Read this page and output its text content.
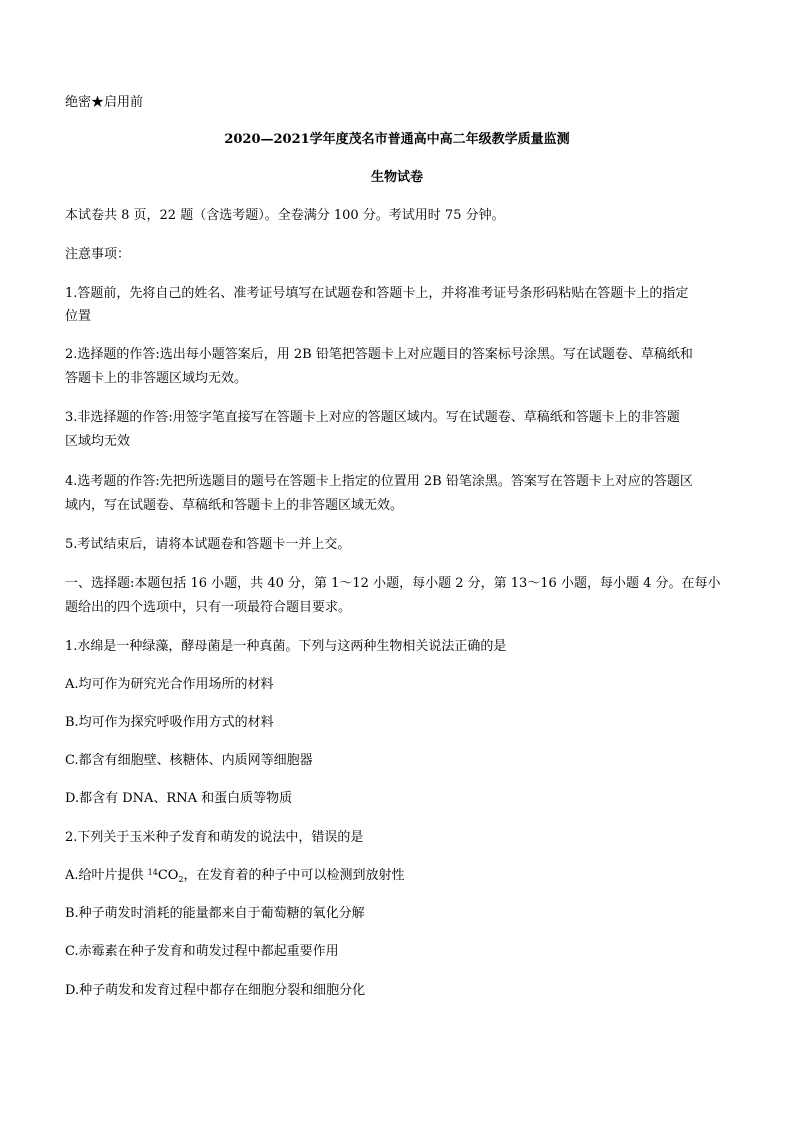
绝密★启用前
2020—2021学年度茂名市普通高中高二年级教学质量监测
生物试卷
本试卷共 8 页，22 题（含选考题）。全卷满分 100 分。考试用时 75 分钟。
注意事项：
1.答题前，先将自己的姓名、准考证号填写在试题卷和答题卡上，并将准考证号条形码粘贴在答题卡上的指定
位置
2.选择题的作答:选出每小题答案后，用 2B 铅笔把答题卡上对应题目的答案标号涂黑。写在试题卷、草稿纸和
答题卡上的非答题区域均无效。
3.非选择题的作答:用签字笔直接写在答题卡上对应的答题区域内。写在试题卷、草稿纸和答题卡上的非答题
区域均无效
4.选考题的作答:先把所选题目的题号在答题卡上指定的位置用 2B 铅笔涂黑。答案写在答题卡上对应的答题区
域内，写在试题卷、草稿纸和答题卡上的非答题区域无效。
5.考试结束后，请将本试题卷和答题卡一并上交。
一、选择题:本题包括 16 小题，共 40 分，第 1～12 小题，每小题 2 分，第 13～16 小题，每小题 4 分。在每小
题给出的四个选项中，只有一项最符合题目要求。
1.水绵是一种绿藻，酵母菌是一种真菌。下列与这两种生物相关说法正确的是
A.均可作为研究光合作用场所的材料
B.均可作为探究呼吸作用方式的材料
C.都含有细胞壁、核糖体、内质网等细胞器
D.都含有 DNA、RNA 和蛋白质等物质
2.下列关于玉米种子发育和萌发的说法中，错误的是
A.给叶片提供 $^{14}CO_2$，在发育着的种子中可以检测到放射性
B.种子萌发时消耗的能量都来自于葡萄糖的氧化分解
C.赤霉素在种子发育和萌发过程中都起重要作用
D.种子萌发和发育过程中都存在细胞分裂和细胞分化
